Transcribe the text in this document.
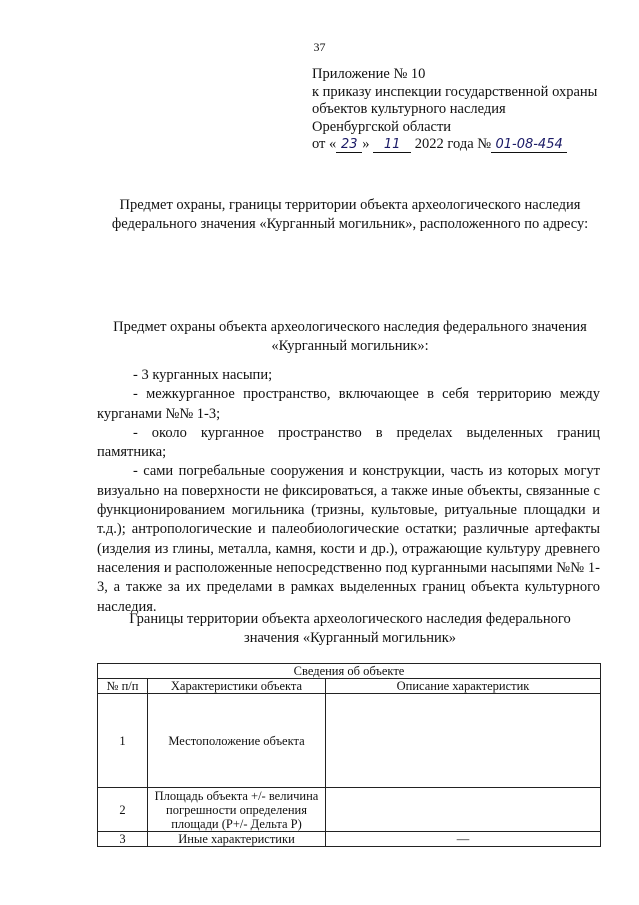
37
Приложение № 10
к приказу инспекции государственной охраны
объектов культурного наследия
Оренбургской области
от « 23 » 11 2022 года № 01-08-454
Предмет охраны, границы территории объекта археологического наследия
федерального значения «Курганный могильник», расположенного по адресу:
Предмет охраны объекта археологического наследия федерального значения
«Курганный могильник»:

- 3 курганных насыпи;

- межкурганное пространство, включающее в себя территорию между курганами №№ 1-3;

- около курганное пространство в пределах выделенных границ памятника;

- сами погребальные сооружения и конструкции, часть из которых могут визуально на поверхности не фиксироваться, а также иные объекты, связанные с функционированием могильника (тризны, культовые, ритуальные площадки и т.д.); антропологические и палеобиологические остатки; различные артефакты (изделия из глины, металла, камня, кости и др.), отражающие культуру древнего населения и расположенные непосредственно под курганными насыпями №№ 1-3, а также за их пределами в рамках выделенных границ объекта культурного наследия.

Границы территории объекта археологического наследия федерального
значения «Курганный могильник»
Сведения об объекте		
№ п/п	Характеристики объекта	Описание характеристик
1	Местоположение объекта	
2	Площадь объекта +/- величина погрешности определения площади (Р+/- Дельта Р)	
3	Иные характеристики	—
